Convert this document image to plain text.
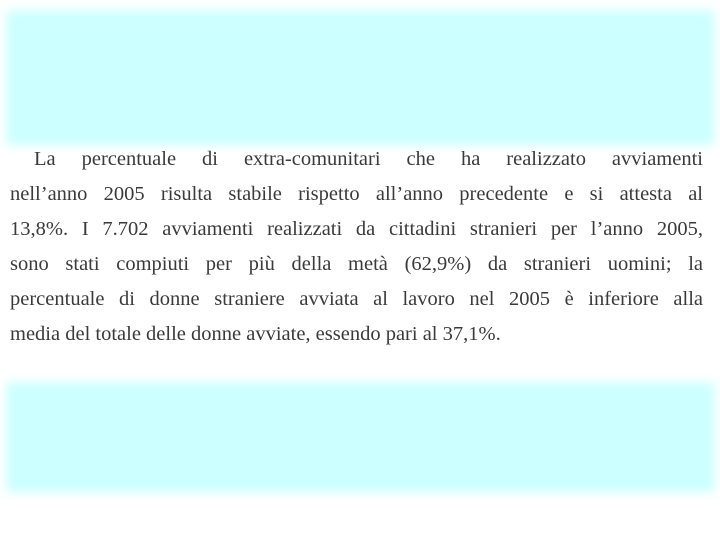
La percentuale di extra-comunitari che ha realizzato avviamenti
nell’anno 2005 risulta stabile rispetto all’anno precedente e si attesta al
13,8%. I 7.702 avviamenti realizzati da cittadini stranieri per l’anno 2005,
sono stati compiuti per più della metà (62,9%) da stranieri uomini; la
percentuale di donne straniere avviata al lavoro nel 2005 è inferiore alla
media del totale delle donne avviate, essendo pari al 37,1%.
